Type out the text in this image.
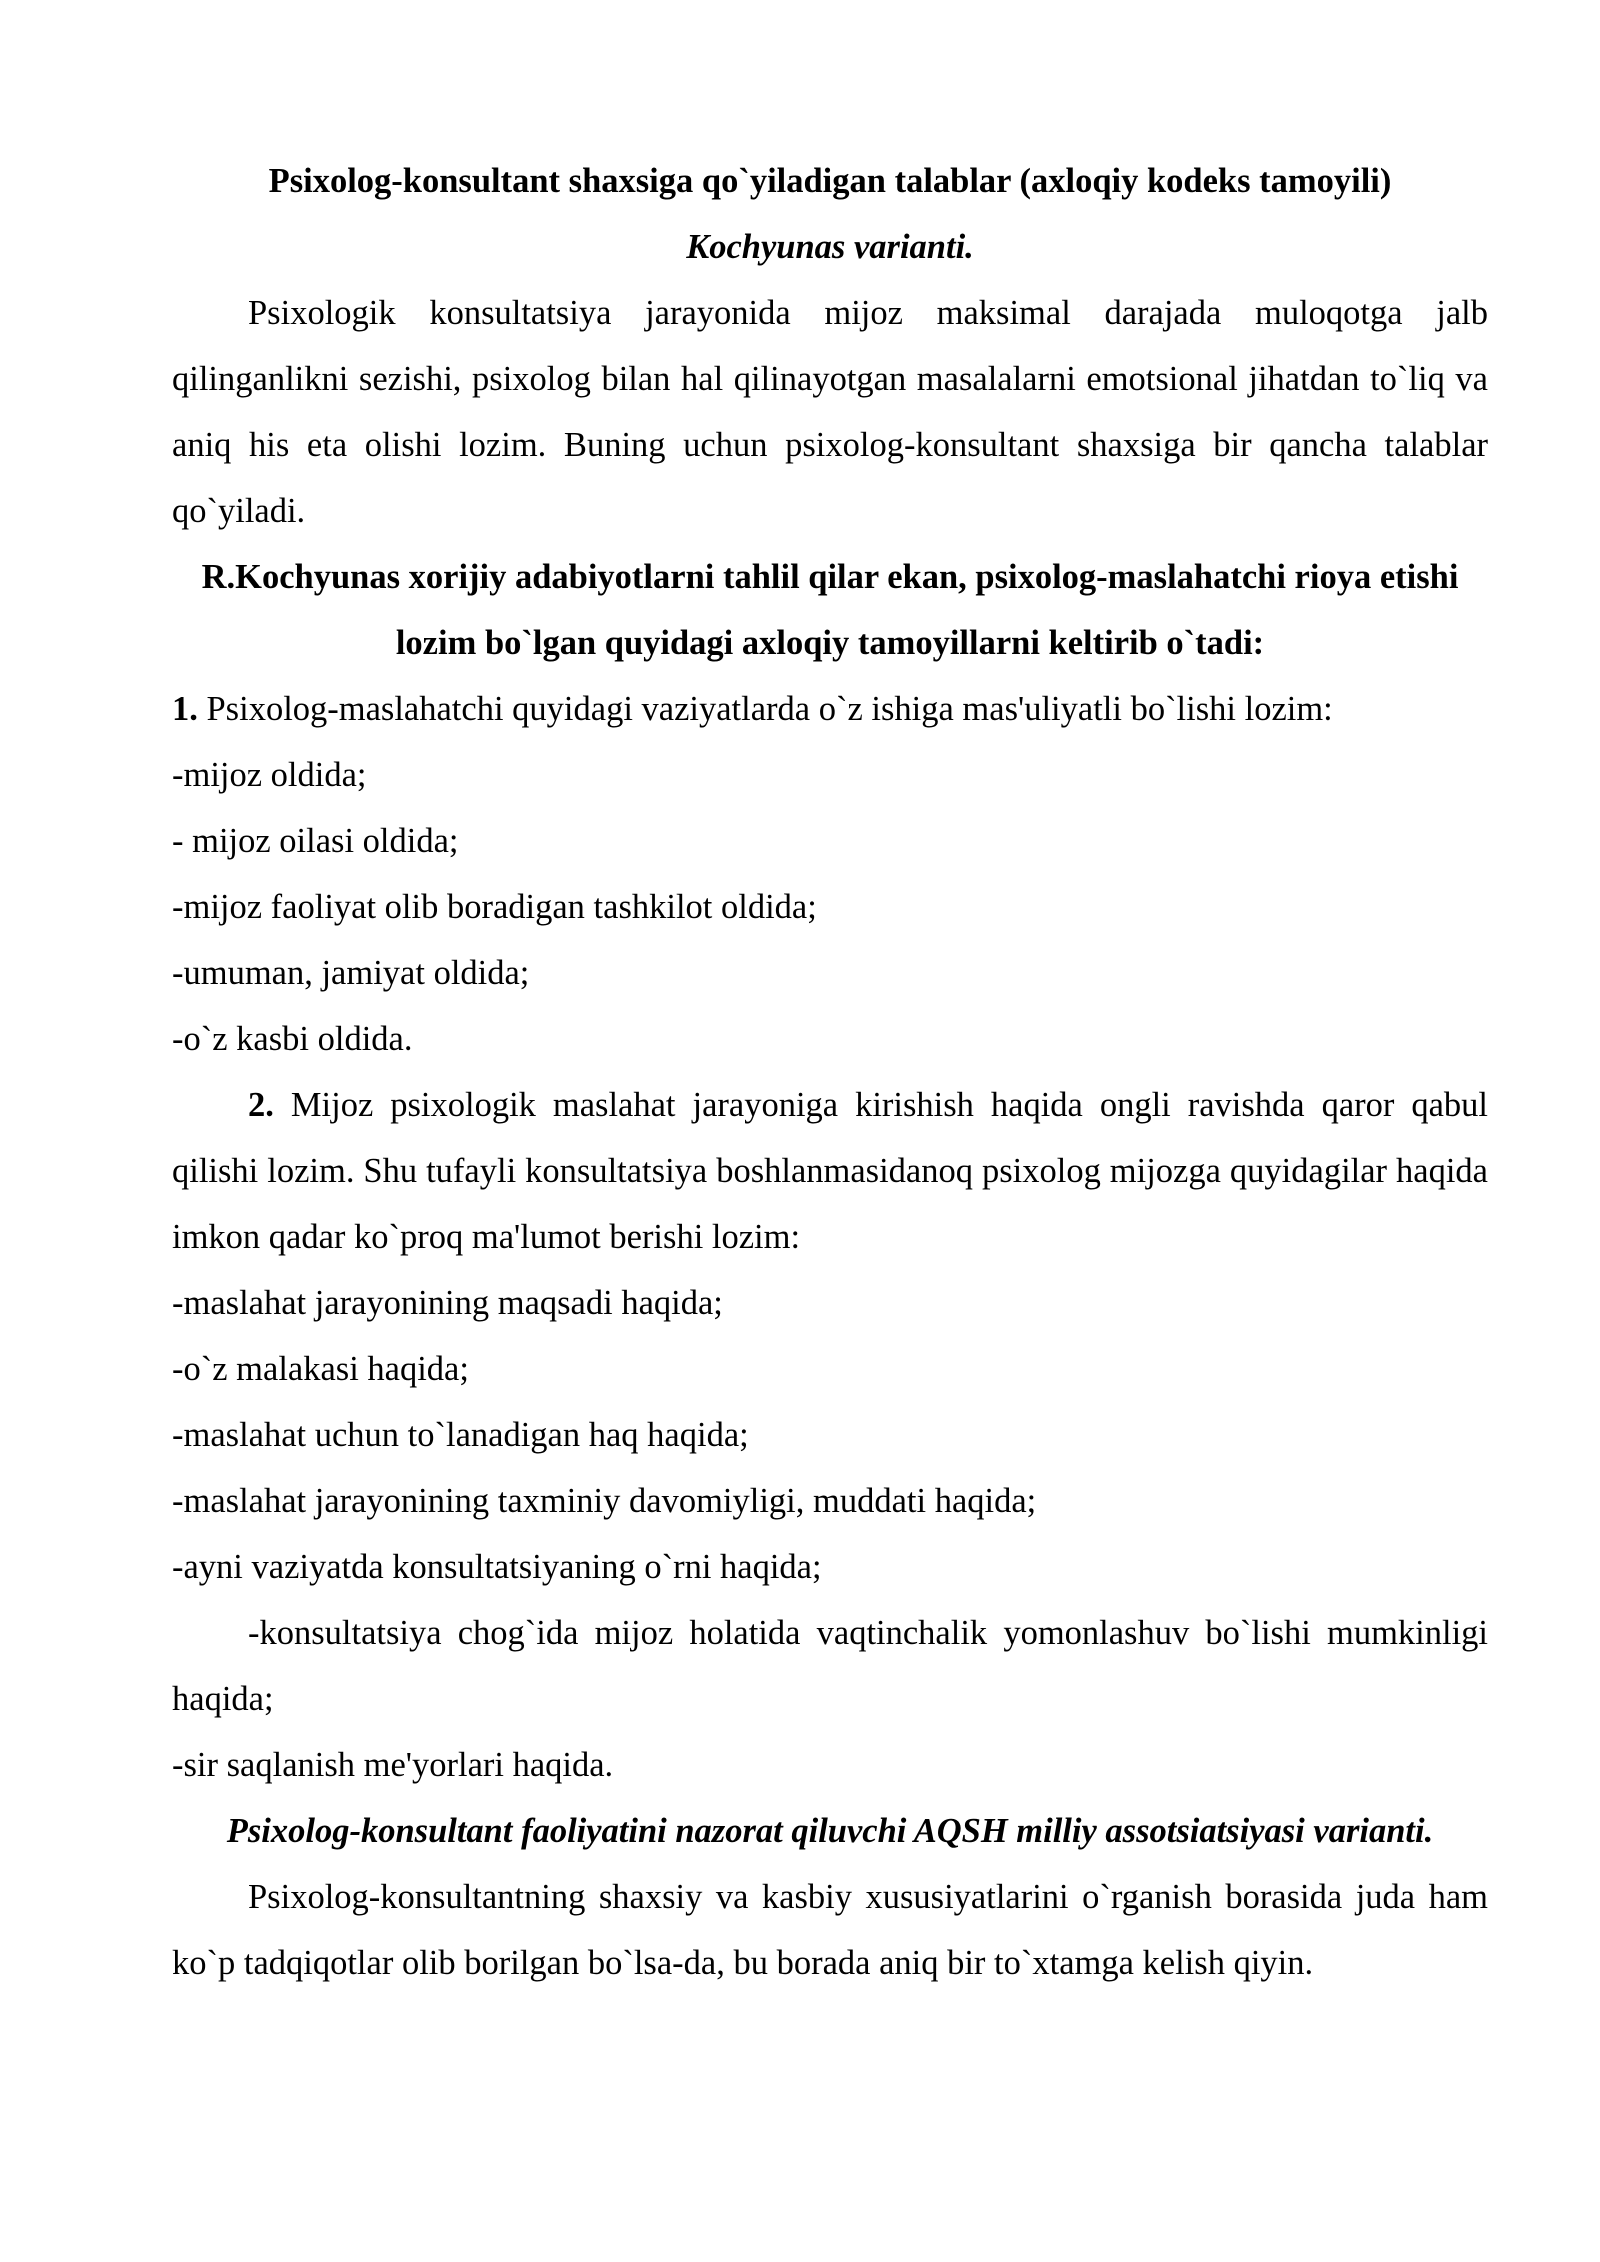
Psixolog-konsultant shaxsiga qo`yiladigan talablar (axloqiy kodeks tamoyili)

Kochyunas varianti.

Psixologik konsultatsiya jarayonida mijoz maksimal darajada muloqotga jalb qilinganlikni sezishi, psixolog bilan hal qilinayotgan masalalarni emotsional jihatdan to`liq va aniq his eta olishi lozim. Buning uchun psixolog-konsultant shaxsiga bir qancha talablar qo`yiladi.

R.Kochyunas xorijiy adabiyotlarni tahlil qilar ekan, psixolog-maslahatchi rioya etishi lozim bo`lgan quyidagi axloqiy tamoyillarni keltirib o`tadi:

1. Psixolog-maslahatchi quyidagi vaziyatlarda o`z ishiga mas'uliyatli bo`lishi lozim:

-mijoz oldida;

- mijoz oilasi oldida;

-mijoz faoliyat olib boradigan tashkilot oldida;

-umuman, jamiyat oldida;

-o`z kasbi oldida.

2. Mijoz psixologik maslahat jarayoniga kirishish haqida ongli ravishda qaror qabul qilishi lozim. Shu tufayli konsultatsiya boshlanmasidanoq psixolog mijozga quyidagilar haqida imkon qadar ko`proq ma'lumot berishi lozim:

-maslahat jarayonining maqsadi haqida;

-o`z malakasi haqida;

-maslahat uchun to`lanadigan haq haqida;

-maslahat jarayonining taxminiy davomiyligi, muddati haqida;

-ayni vaziyatda konsultatsiyaning o`rni haqida;

-konsultatsiya chog`ida mijoz holatida vaqtinchalik yomonlashuv bo`lishi mumkinligi haqida;

-sir saqlanish me'yorlari haqida.

Psixolog-konsultant faoliyatini nazorat qiluvchi AQSH milliy assotsiatsiyasi varianti.

Psixolog-konsultantning shaxsiy va kasbiy xususiyatlarini o`rganish borasida juda ham ko`p tadqiqotlar olib borilgan bo`lsa-da, bu borada aniq bir to`xtamga kelish qiyin.
